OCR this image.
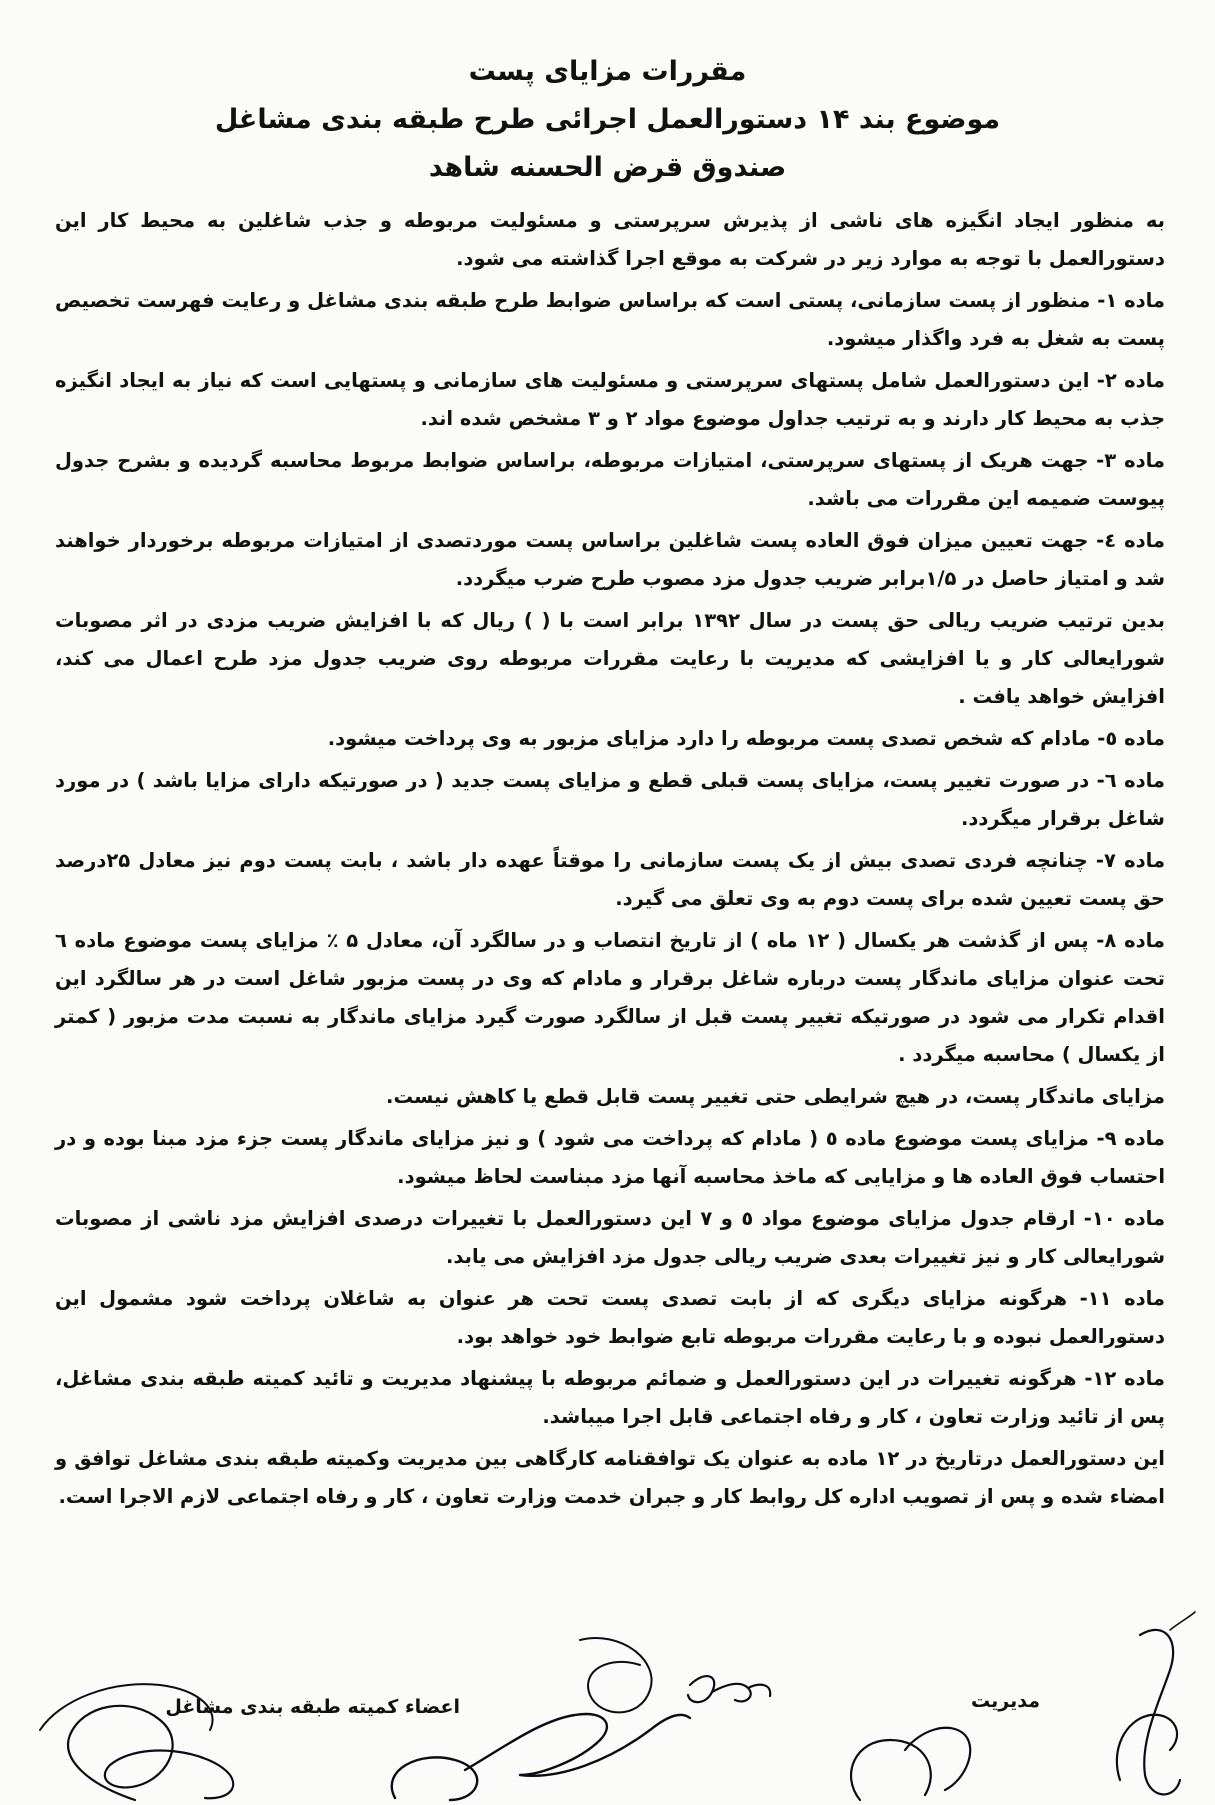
مقررات مزایای پست

موضوع بند ۱۴ دستورالعمل اجرائی طرح طبقه بندی مشاغل

صندوق قرض الحسنه شاهد

به منظور ایجاد انگیزه های ناشی از پذیرش سرپرستی و مسئولیت مربوطه و جذب شاغلین به محیط کار این دستورالعمل با توجه به موارد زیر در شرکت به موقع اجرا گذاشته می شود.

ماده ۱- منظور از پست سازمانی، پستی است که براساس ضوابط طرح طبقه بندی مشاغل و رعایت فهرست تخصیص پست به شغل به فرد واگذار میشود.

ماده ۲- این دستورالعمل شامل پستهای سرپرستی و مسئولیت های سازمانی و پستهایی است که نیاز به ایجاد انگیزه جذب به محیط کار دارند و به ترتیب جداول موضوع مواد ۲ و ۳ مشخص شده اند.

ماده ۳- جهت هریک از پستهای سرپرستی، امتیازات مربوطه، براساس ضوابط مربوط محاسبه گردیده و بشرح جدول پیوست ضمیمه این مقررات می باشد.

ماده ٤- جهت تعیین میزان فوق العاده پست شاغلین براساس پست موردتصدی از امتیازات مربوطه برخوردار خواهند شد و امتیاز حاصل در ۱/۵برابر ضریب جدول مزد مصوب طرح ضرب میگردد.

بدین ترتیب ضریب ریالی حق پست در سال ۱۳۹۲ برابر است با ( ) ریال که با افزایش ضریب مزدی در اثر مصوبات شورایعالی کار و یا افزایشی که مدیریت با رعایت مقررات مربوطه روی ضریب جدول مزد طرح اعمال می کند، افزایش خواهد یافت .

ماده ٥- مادام که شخص تصدی پست مربوطه را دارد مزایای مزبور به وی پرداخت میشود.

ماده ٦- در صورت تغییر پست، مزایای پست قبلی قطع و مزایای پست جدید ( در صورتیکه دارای مزایا باشد ) در مورد شاغل برقرار میگردد.

ماده ۷- چنانچه فردی تصدی بیش از یک پست سازمانی را موقتاً عهده دار باشد ، بابت پست دوم نیز معادل ۲۵درصد حق پست تعیین شده برای پست دوم به وی تعلق می گیرد.

ماده ۸- پس از گذشت هر یکسال ( ۱۲ ماه ) از تاریخ انتصاب و در سالگرد آن، معادل ۵ ٪ مزایای پست موضوع ماده ٦ تحت عنوان مزایای ماندگار پست درباره شاغل برقرار و مادام که وی در پست مزبور شاغل است در هر سالگرد این اقدام تکرار می شود در صورتیکه تغییر پست قبل از سالگرد صورت گیرد مزایای ماندگار به نسبت مدت مزبور ( کمتر از یکسال ) محاسبه میگردد .

مزایای ماندگار پست، در هیچ شرایطی حتی تغییر پست قابل قطع یا کاهش نیست.

ماده ۹- مزایای پست موضوع ماده ٥ ( مادام که پرداخت می شود ) و نیز مزایای ماندگار پست جزء مزد مبنا بوده و در احتساب فوق العاده ها و مزایایی که ماخذ محاسبه آنها مزد مبناست لحاظ میشود.

ماده ۱۰- ارقام جدول مزایای موضوع مواد ٥ و ۷ این دستورالعمل با تغییرات درصدی افزایش مزد ناشی از مصوبات شورایعالی کار و نیز تغییرات بعدی ضریب ریالی جدول مزد افزایش می یابد.

ماده ۱۱- هرگونه مزایای دیگری که از بابت تصدی پست تحت هر عنوان به شاغلان پرداخت شود مشمول این دستورالعمل نبوده و با رعایت مقررات مربوطه تابع ضوابط خود خواهد بود.

ماده ۱۲- هرگونه تغییرات در این دستورالعمل و ضمائم مربوطه با پیشنهاد مدیریت و تائید کمیته طبقه بندی مشاغل، پس از تائید وزارت تعاون ، کار و رفاه اجتماعی قابل اجرا میباشد.

این دستورالعمل درتاریخ در ۱۲ ماده به عنوان یک توافقنامه کارگاهی بین مدیریت وکمیته طبقه بندی مشاغل توافق و امضاء شده و پس از تصویب اداره کل روابط کار و جبران خدمت وزارت تعاون ، کار و رفاه اجتماعی لازم الاجرا است.

اعضاء کمیته طبقه بندی مشاغل	مدیریت
